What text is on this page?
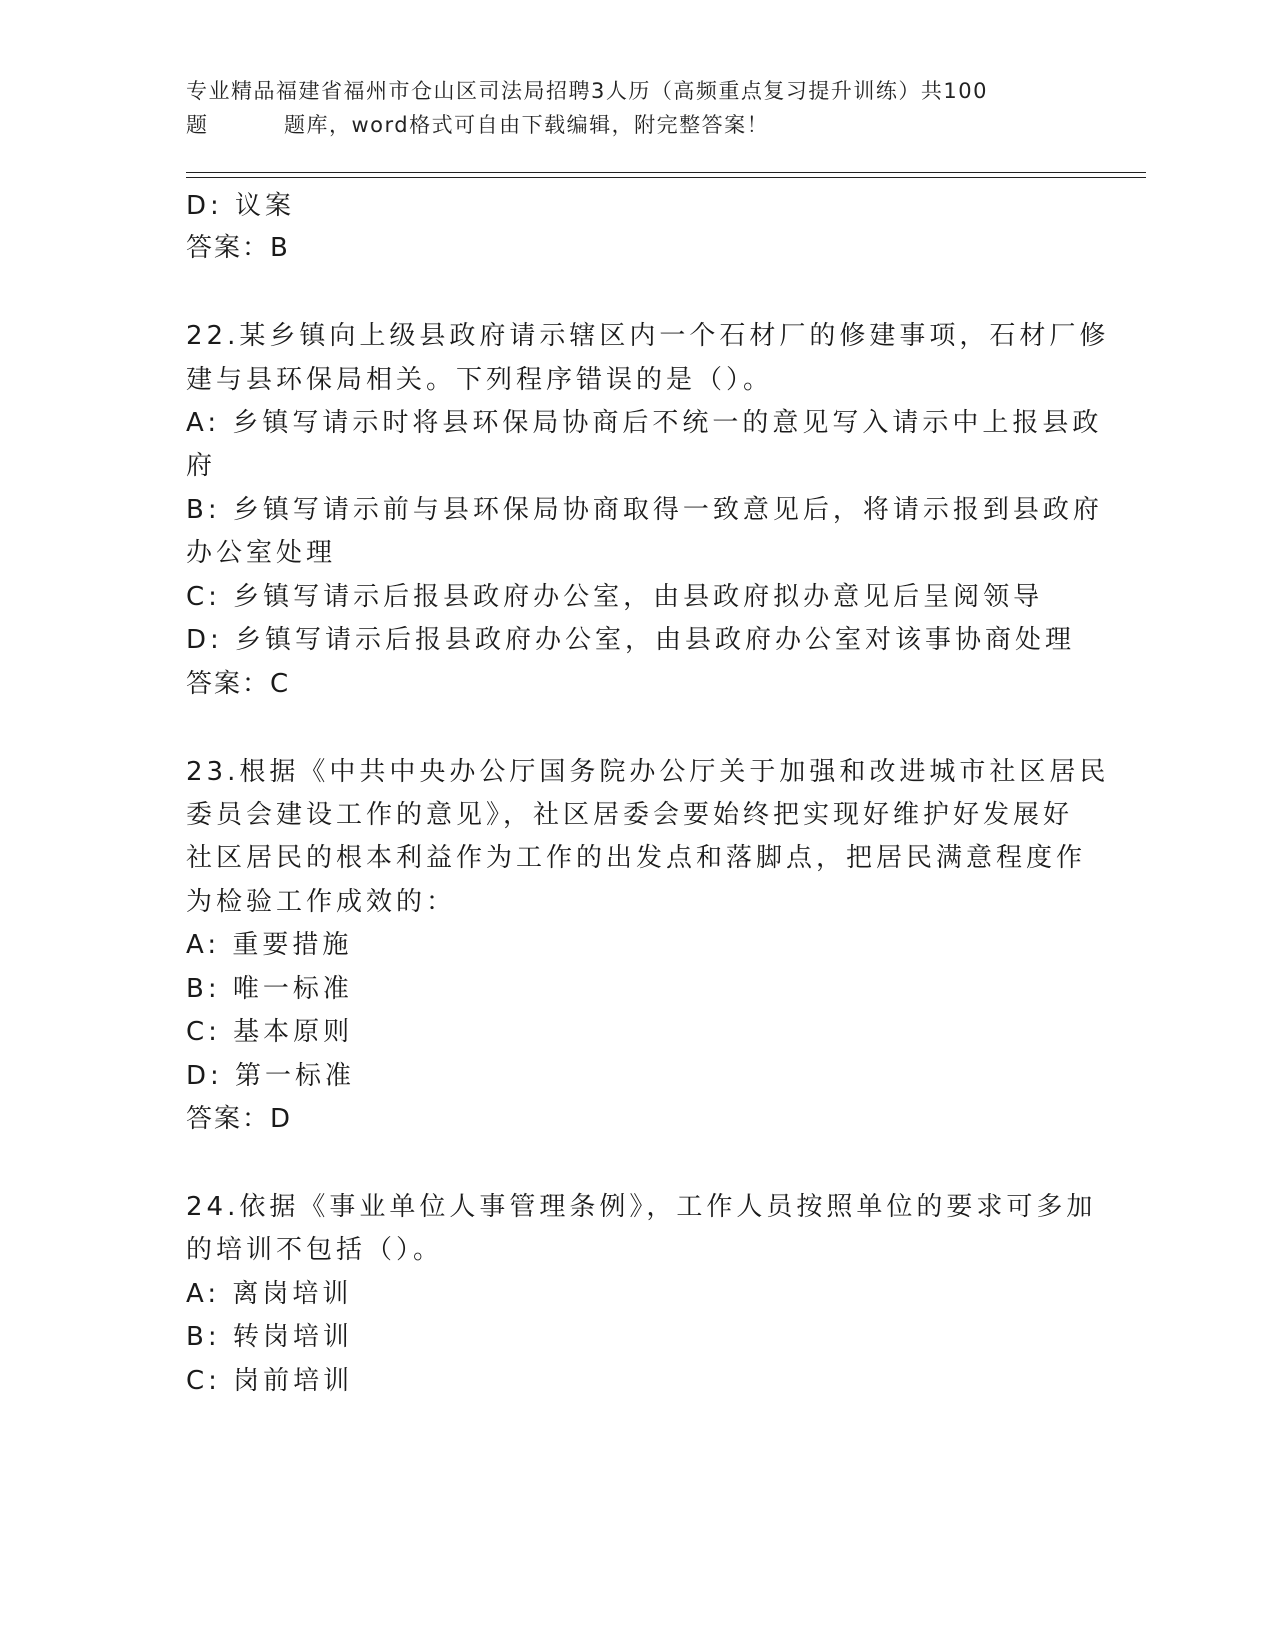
专业精品福建省福州市仓山区司法局招聘3人历（高频重点复习提升训练）共100
题	题库，word格式可自由下载编辑，附完整答案！
D: 议案
答案：B
22.某乡镇向上级县政府请示辖区内一个石材厂的修建事项，石材厂修
建与县环保局相关。下列程序错误的是（）。
A: 乡镇写请示时将县环保局协商后不统一的意见写入请示中上报县政
府
B: 乡镇写请示前与县环保局协商取得一致意见后，将请示报到县政府
办公室处理
C: 乡镇写请示后报县政府办公室，由县政府拟办意见后呈阅领导
D: 乡镇写请示后报县政府办公室，由县政府办公室对该事协商处理
答案：C
23.根据《中共中央办公厅国务院办公厅关于加强和改进城市社区居民
委员会建设工作的意见》，社区居委会要始终把实现好维护好发展好
社区居民的根本利益作为工作的出发点和落脚点，把居民满意程度作
为检验工作成效的：
A: 重要措施
B: 唯一标准
C: 基本原则
D: 第一标准
答案：D
24.依据《事业单位人事管理条例》，工作人员按照单位的要求可多加
的培训不包括（）。
A: 离岗培训
B: 转岗培训
C: 岗前培训
